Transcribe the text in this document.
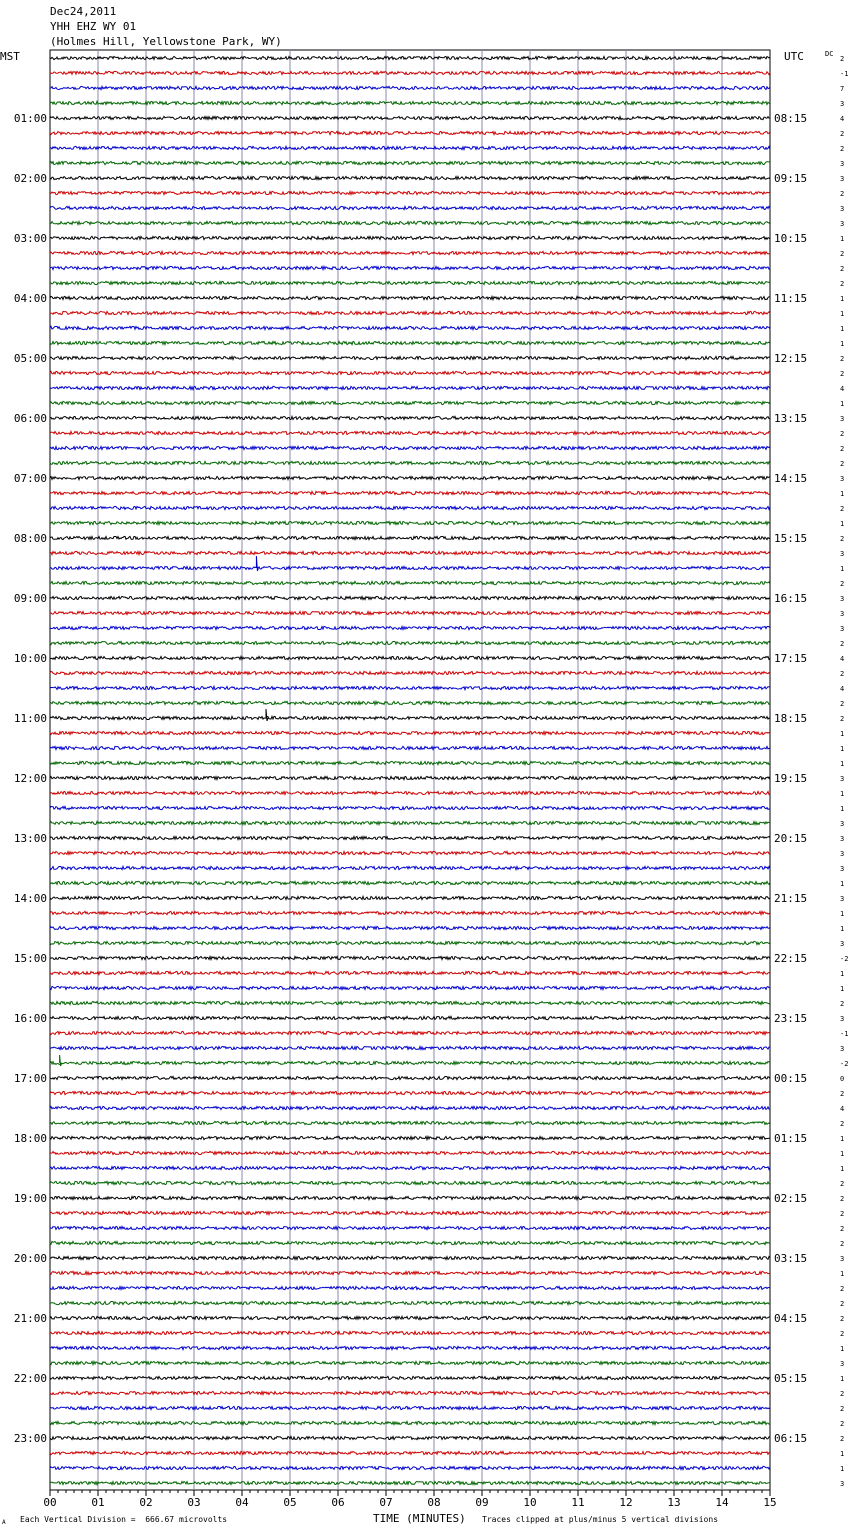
Dec24,2011
YHH EHZ WY 01
(Holmes Hill, Yellowstone Park, WY)
MST	UTC	DC
2
-1
7
3
4
2
2
3
3
2
3
3
1
2
2
2
1
1
1
1
2
2
4
1
3
2
2
2
3
1
2
1
2
3
1
2
3
3
3
2
4
2
4
2
2
1
1
1
3
1
1
3
3
3
3
1
3
1
1
3
-2
1
1
2
3
-1
3
-2
0
2
4
2
1
1
1
2
2
2
2
2
3
1
2
2
2
2
1
3
1
2
2
2
2
1
1
3
01:00	08:15
02:00	09:15
03:00	10:15
04:00	11:15
05:00	12:15
06:00	13:15
07:00	14:15
08:00	15:15
09:00	16:15
10:00	17:15
11:00	18:15
12:00	19:15
13:00	20:15
14:00	21:15
15:00	22:15
16:00	23:15
17:00	00:15
18:00	01:15
19:00	02:15
20:00	03:15
21:00	04:15
22:00	05:15
23:00	06:15
00	01	02	03	04	05	06	07	08	09	10	11	12	13	14	15
A Each Vertical Division =  666.67 microvolts	TIME (MINUTES) Traces clipped at plus/minus 5 vertical divisions
